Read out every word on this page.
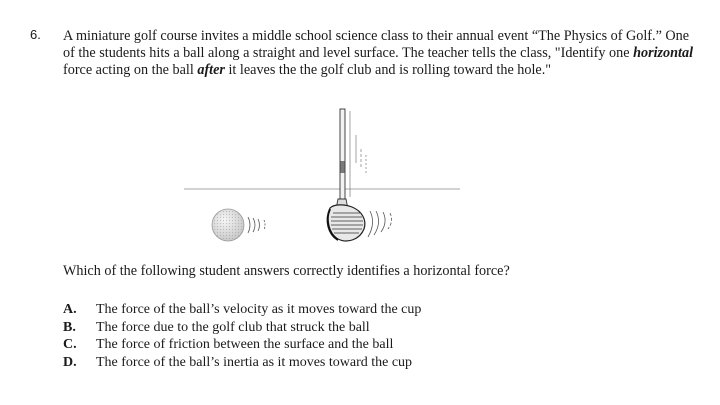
6. A miniature golf course invites a middle school science class to their annual event “The Physics of Golf.” One of the students hits a ball along a straight and level surface. The teacher tells the class, "Identify one horizontal force acting on the ball after it leaves the the golf club and is rolling toward the hole."

Which of the following student answers correctly identifies a horizontal force?
A.	The force of the ball’s velocity as it moves toward the cup
B.	The force due to the golf club that struck the ball
C.	The force of friction between the surface and the ball
D.	The force of the ball’s inertia as it moves toward the cup
